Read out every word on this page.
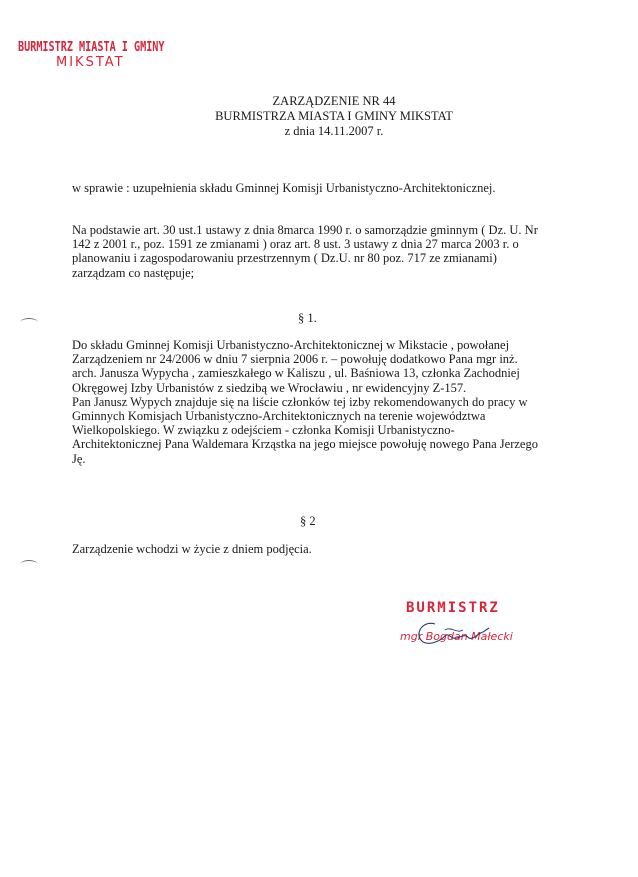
BURMISTRZ MIASTA I GMINY
MIKSTAT
ZARZĄDZENIE NR 44
BURMISTRZA MIASTA I GMINY MIKSTAT
z dnia 14.11.2007 r.
w sprawie : uzupełnienia składu Gminnej Komisji Urbanistyczno-Architektonicznej.
Na podstawie art. 30 ust.1 ustawy z dnia 8marca 1990 r. o samorządzie gminnym ( Dz. U. Nr
142 z 2001 r., poz. 1591 ze zmianami ) oraz art. 8 ust. 3 ustawy z dnia 27 marca 2003 r. o
planowaniu i zagospodarowaniu przestrzennym ( Dz.U. nr 80 poz. 717 ze zmianami)
zarządzam co następuje;
§ 1.
Do składu Gminnej Komisji Urbanistyczno-Architektonicznej w Mikstacie , powołanej
Zarządzeniem nr 24/2006 w dniu 7 sierpnia 2006 r. – powołuję dodatkowo Pana mgr inż.
arch. Janusza Wypycha , zamieszkałego w Kaliszu , ul. Baśniowa 13, członka Zachodniej
Okręgowej Izby Urbanistów z siedzibą we Wrocławiu , nr ewidencyjny Z-157.
Pan Janusz Wypych znajduje się na liście członków tej izby rekomendowanych do pracy w
Gminnych Komisjach Urbanistyczno-Architektonicznych na terenie województwa
Wielkopolskiego. W związku z odejściem - członka Komisji Urbanistyczno-
Architektonicznej Pana Waldemara Krząstka na jego miejsce powołuję nowego Pana Jerzego
Ję.
§ 2
Zarządzenie wchodzi w życie z dniem podjęcia.
BURMISTRZ
mgr Bogdan Małecki
